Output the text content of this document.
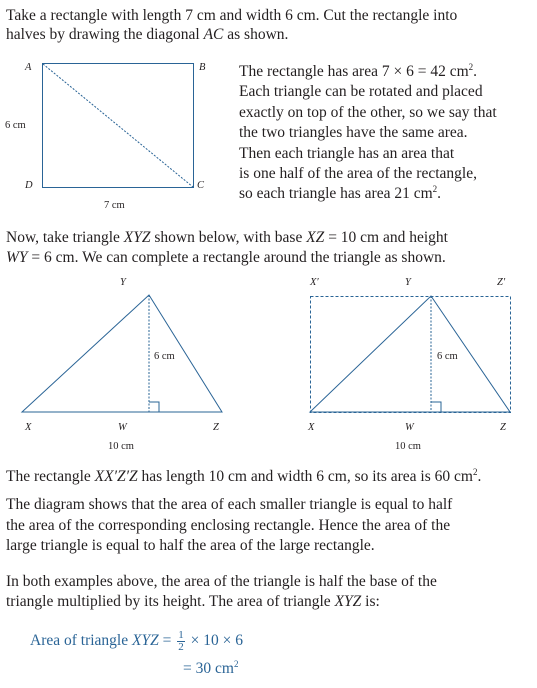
Take a rectangle with length 7 cm and width 6 cm. Cut the rectangle into

halves by drawing the diagonal AC as shown.

A	B
C
D
6 cm
7 cm

The rectangle has area 7 × 6 = 42 $cm^2$.

Each triangle can be rotated and placed

exactly on top of the other, so we say that

the two triangles have the same area.

Then each triangle has an area that

is one half of the area of the rectangle,

so each triangle has area 21 $cm^2$.

Now, take triangle XYZ shown below, with base XZ = 10 cm and height

WY = 6 cm. We can complete a rectangle around the triangle as shown.

Y
6 cm
X	W	Z
10 cm
X′	Y	Z′
6 cm
X	W	Z
10 cm

The rectangle XX′Z′Z has length 10 cm and width 6 cm, so its area is 60 $cm^2$.

The diagram shows that the area of each smaller triangle is equal to half

the area of the corresponding enclosing rectangle. Hence the area of the

large triangle is equal to half the area of the large rectangle.

In both examples above, the area of the triangle is half the base of the

triangle multiplied by its height. The area of triangle XYZ is:

Area of triangle XYZ = $\frac{1}{2} \times 10 \times 6$

= 30 $cm^2$
